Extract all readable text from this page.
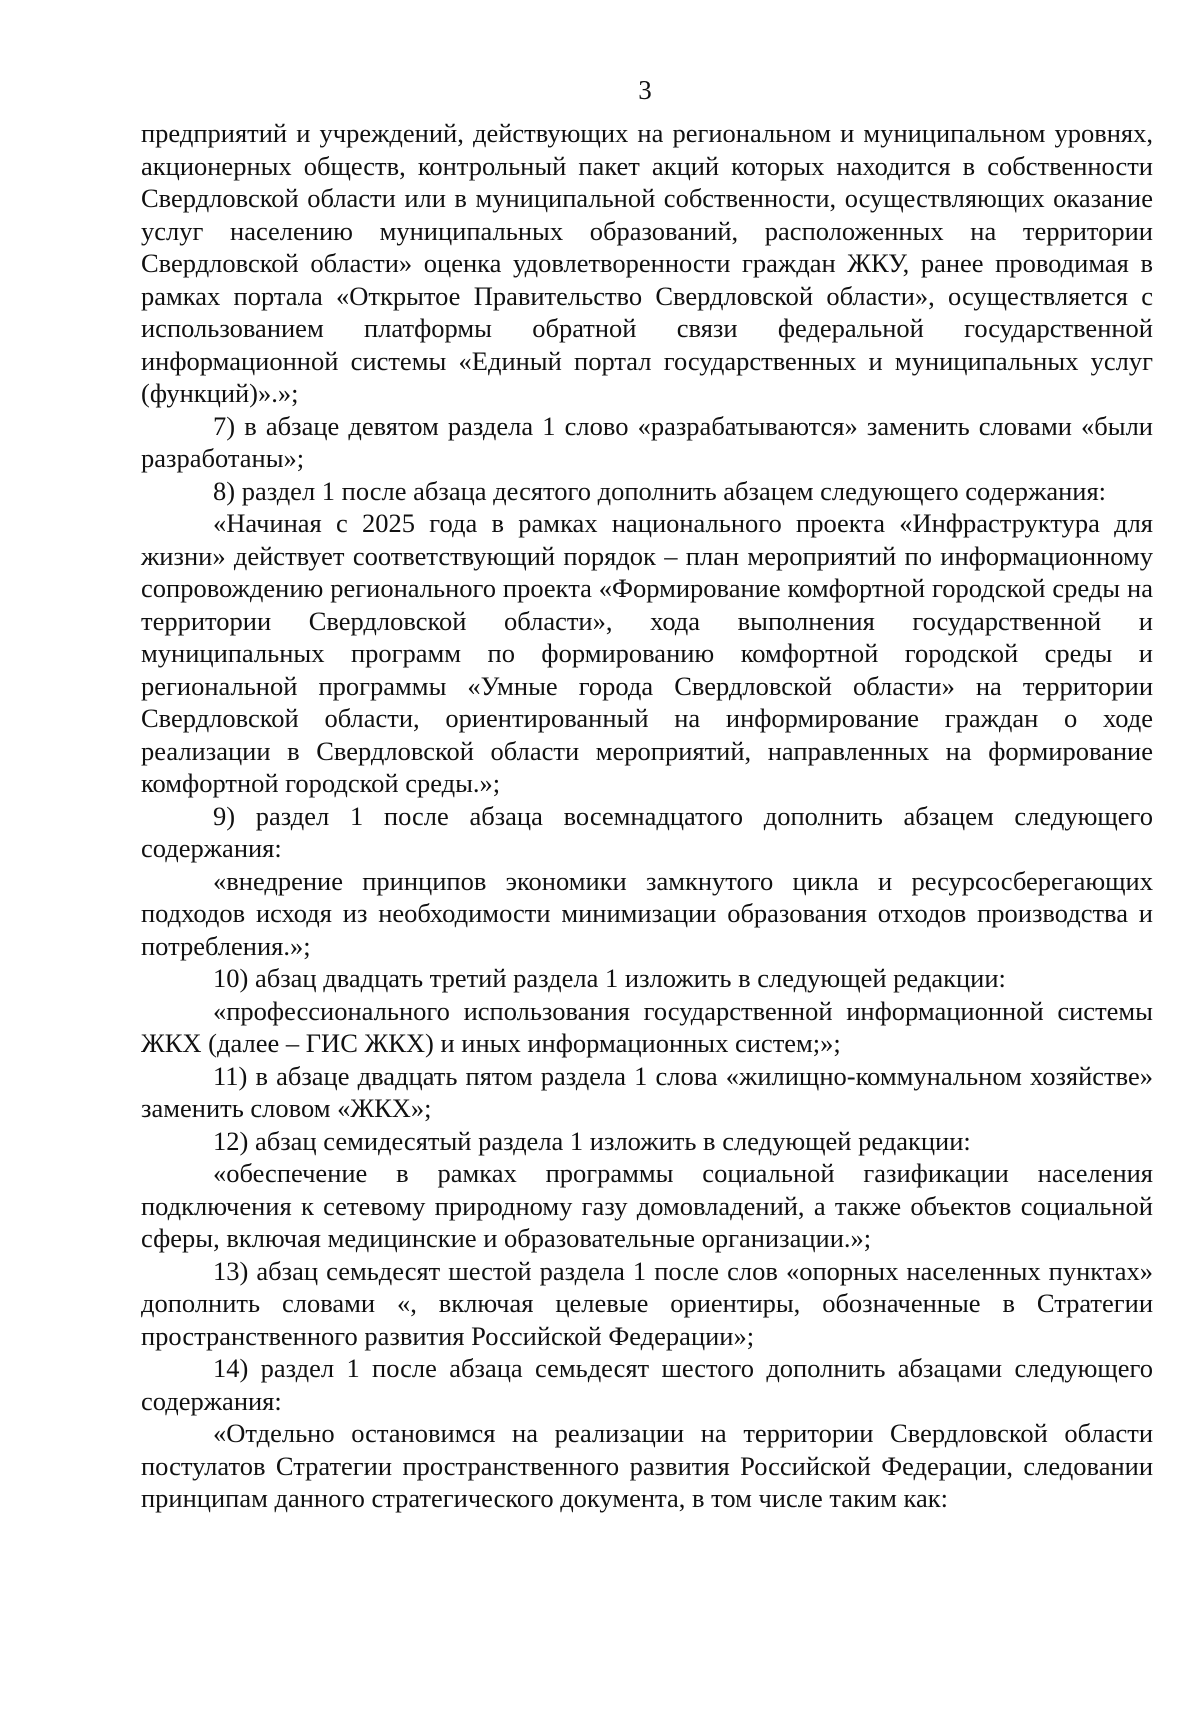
3

предприятий и учреждений, действующих на региональном и муниципальном уровнях, акционерных обществ, контрольный пакет акций которых находится в собственности Свердловской области или в муниципальной собственности, осуществляющих оказание услуг населению муниципальных образований, расположенных на территории Свердловской области» оценка удовлетворенности граждан ЖКУ, ранее проводимая в рамках портала «Открытое Правительство Свердловской области», осуществляется с использованием платформы обратной связи федеральной государственной информационной системы «Единый портал государственных и муниципальных услуг (функций)».»;

7) в абзаце девятом раздела 1 слово «разрабатываются» заменить словами «были разработаны»;

8) раздел 1 после абзаца десятого дополнить абзацем следующего содержания:

«Начиная с 2025 года в рамках национального проекта «Инфраструктура для жизни» действует соответствующий порядок – план мероприятий по информационному сопровождению регионального проекта «Формирование комфортной городской среды на территории Свердловской области», хода выполнения государственной и муниципальных программ по формированию комфортной городской среды и региональной программы «Умные города Свердловской области» на территории Свердловской области, ориентированный на информирование граждан о ходе реализации в Свердловской области мероприятий, направленных на формирование комфортной городской среды.»;

9) раздел 1 после абзаца восемнадцатого дополнить абзацем следующего содержания:

«внедрение принципов экономики замкнутого цикла и ресурсосберегающих подходов исходя из необходимости минимизации образования отходов производства и потребления.»;

10) абзац двадцать третий раздела 1 изложить в следующей редакции:

«профессионального использования государственной информационной системы ЖКХ (далее – ГИС ЖКХ) и иных информационных систем;»;

11) в абзаце двадцать пятом раздела 1 слова «жилищно-коммунальном хозяйстве» заменить словом «ЖКХ»;

12) абзац семидесятый раздела 1 изложить в следующей редакции:

«обеспечение в рамках программы социальной газификации населения подключения к сетевому природному газу домовладений, а также объектов социальной сферы, включая медицинские и образовательные организации.»;

13) абзац семьдесят шестой раздела 1 после слов «опорных населенных пунктах» дополнить словами «, включая целевые ориентиры, обозначенные в Стратегии пространственного развития Российской Федерации»;

14) раздел 1 после абзаца семьдесят шестого дополнить абзацами следующего содержания:

«Отдельно остановимся на реализации на территории Свердловской области постулатов Стратегии пространственного развития Российской Федерации, следовании принципам данного стратегического документа, в том числе таким как:
